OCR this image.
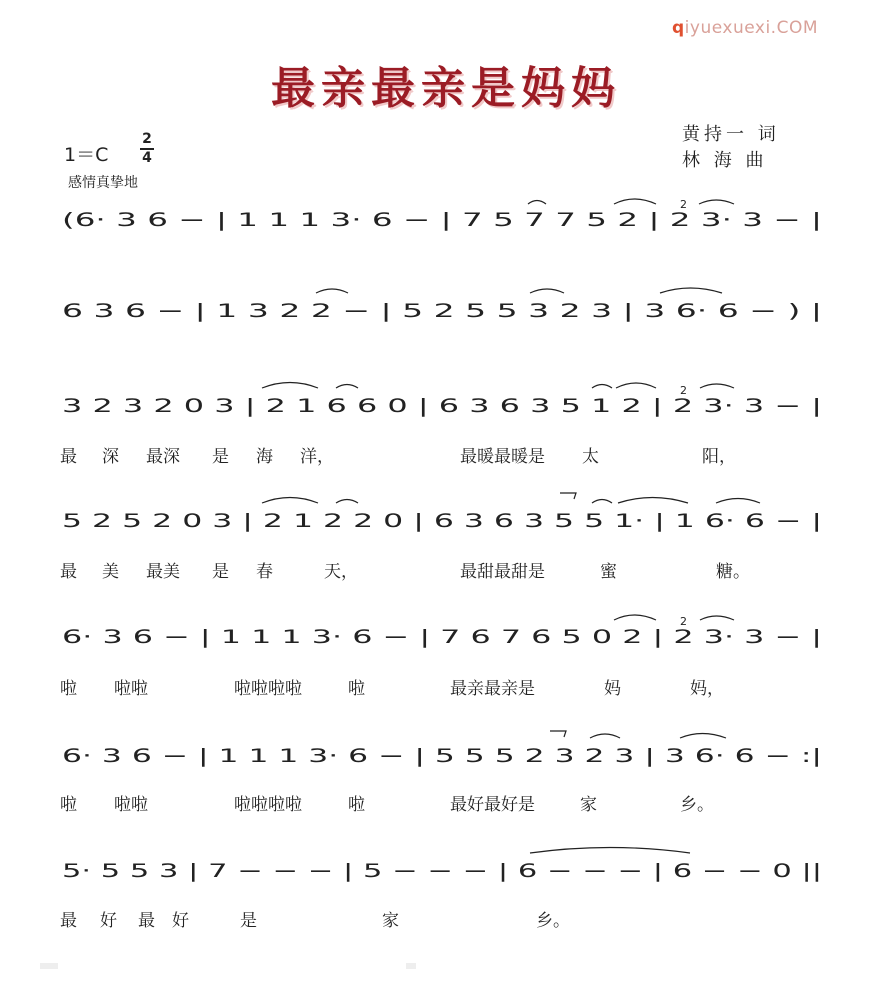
qiyuexuexi.COM
最亲最亲是妈妈
1＝C
2
4
感情真挚地
黄持一 词
林 海 曲
(6· 3 6 − | 1 1 1 3· 6 − | 7 5 7 7 5 2 | 2 3· 3 − |
6 3 6 − | 1 3 2 2 − | 5 2 5 5 3 2 3 | 3 6· 6 − ) |
3 2 3 2 0 3 | 2 1 6 6 0 | 6 3 6 3 5 1 2 | 2 3· 3 − |
5 2 5 2 0 3 | 2 1 2 2 0 | 6 3 6 3 5 5 1· | 1 6· 6 − |
6· 3 6 − | 1 1 1 3· 6 − | 7 6 7 6 5 0 2 | 2 3· 3 − |
6· 3 6 − | 1 1 1 3· 6 − | 5 5 5 2 3 2 3 | 3 6· 6 − :|
5· 5 5 3 | 7 − − − | 5 − − − | 6 − − − | 6 − − 0 ||
2
2
2
最 深 最深 是 海 洋，	最暖最暖是 太	阳，
最 美 最美 是 春	天，	最甜最甜是	蜜	糖。
啦 啦啦	啦啦啦啦	啦	最亲最亲是	妈	妈，
啦 啦啦	啦啦啦啦	啦	最好最好是	家	乡。
最 好 最 好	是	家	乡。
